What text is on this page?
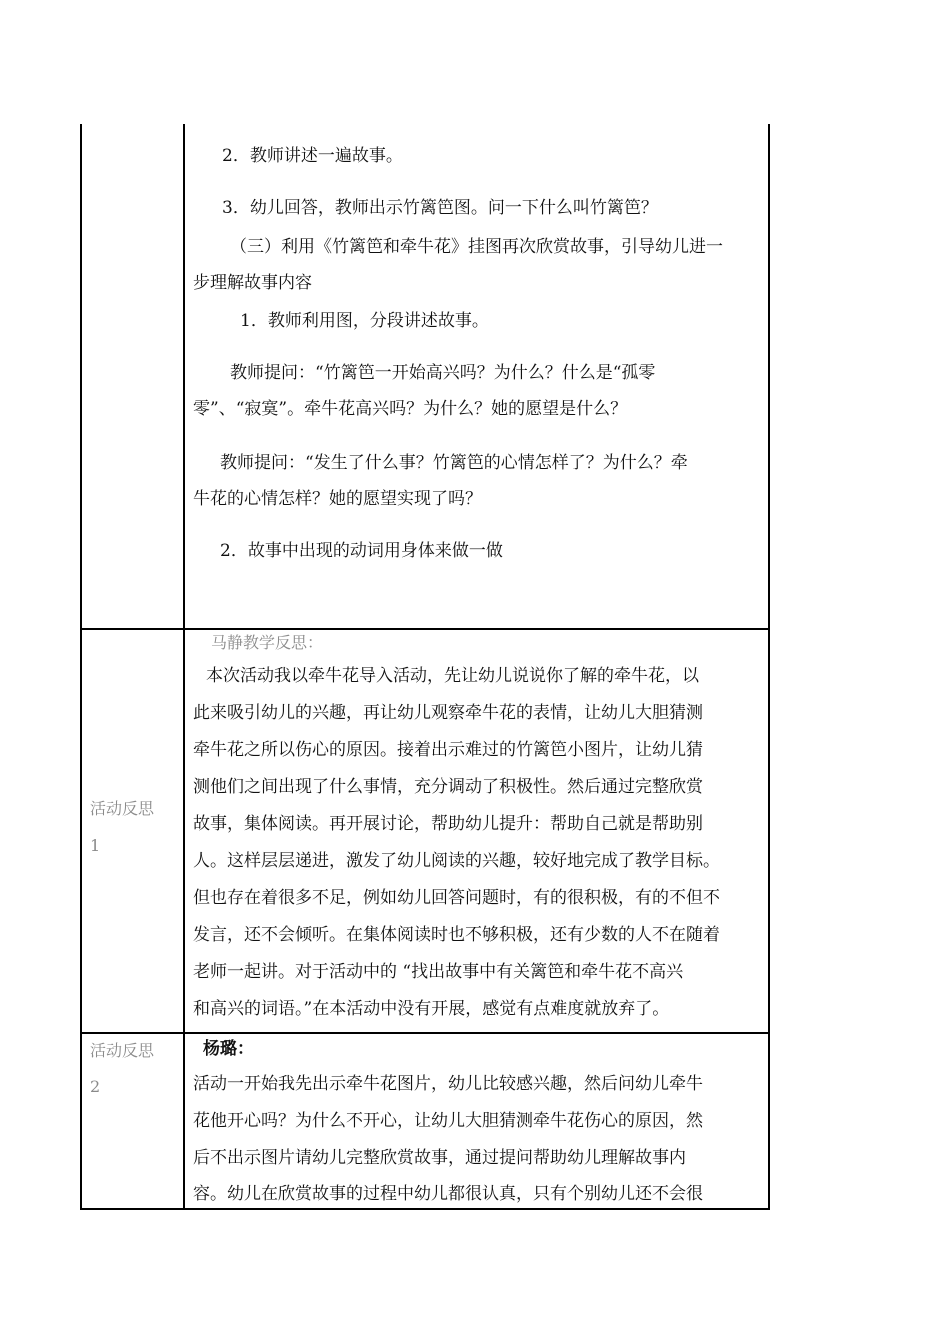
2．教师讲述一遍故事。
3．幼儿回答，教师出示竹篱笆图。问一下什么叫竹篱笆？
（三）利用《竹篱笆和牵牛花》挂图再次欣赏故事，引导幼儿进一
步理解故事内容
1．教师利用图，分段讲述故事。
教师提问：“竹篱笆一开始高兴吗？为什么？什么是“孤零
零”、“寂寞”。牵牛花高兴吗？为什么？她的愿望是什么？
教师提问：“发生了什么事？竹篱笆的心情怎样了？为什么？牵
牛花的心情怎样？她的愿望实现了吗？
2．故事中出现的动词用身体来做一做
活动反思
1
马静教学反思：
本次活动我以牵牛花导入活动，先让幼儿说说你了解的牵牛花，以
此来吸引幼儿的兴趣，再让幼儿观察牵牛花的表情，让幼儿大胆猜测
牵牛花之所以伤心的原因。接着出示难过的竹篱笆小图片，让幼儿猜
测他们之间出现了什么事情，充分调动了积极性。然后通过完整欣赏
故事，集体阅读。再开展讨论，帮助幼儿提升：帮助自己就是帮助别
人。这样层层递进，激发了幼儿阅读的兴趣，较好地完成了教学目标。
但也存在着很多不足，例如幼儿回答问题时，有的很积极，有的不但不
发言，还不会倾听。在集体阅读时也不够积极，还有少数的人不在随着
老师一起讲。对于活动中的 “找出故事中有关篱笆和牵牛花不高兴
和高兴的词语。”在本活动中没有开展，感觉有点难度就放弃了。
活动反思
2
杨璐：
活动一开始我先出示牵牛花图片，幼儿比较感兴趣，然后问幼儿牵牛
花他开心吗？为什么不开心，让幼儿大胆猜测牵牛花伤心的原因，然
后不出示图片请幼儿完整欣赏故事，通过提问帮助幼儿理解故事内
容。幼儿在欣赏故事的过程中幼儿都很认真，只有个别幼儿还不会很
